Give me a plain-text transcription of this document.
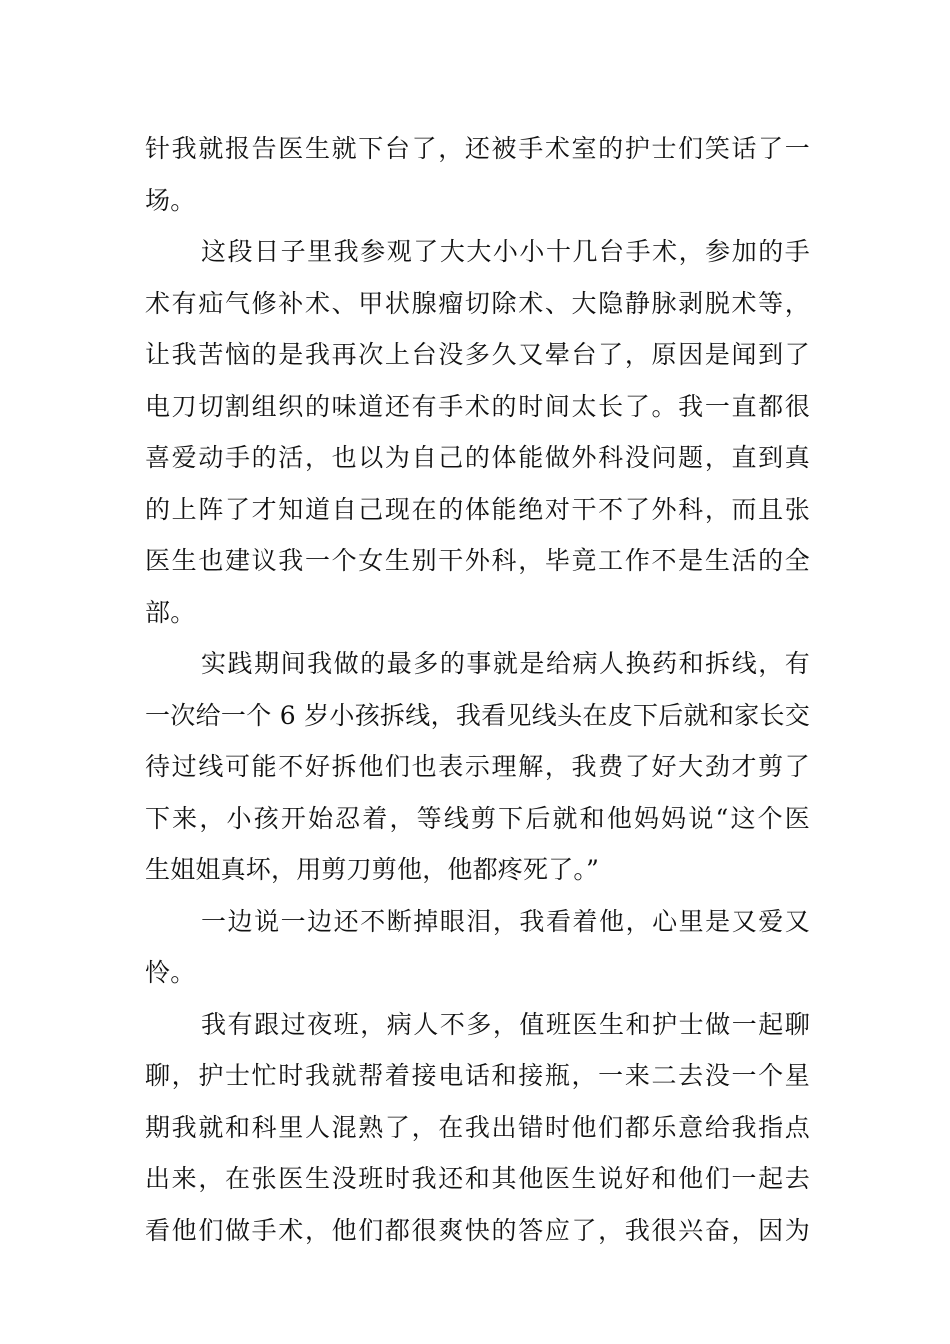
针我就报告医生就下台了，还被手术室的护士们笑话了一
场。
这段日子里我参观了大大小小十几台手术，参加的手
术有疝气修补术、甲状腺瘤切除术、大隐静脉剥脱术等，
让我苦恼的是我再次上台没多久又晕台了，原因是闻到了
电刀切割组织的味道还有手术的时间太长了。我一直都很
喜爱动手的活，也以为自己的体能做外科没问题，直到真
的上阵了才知道自己现在的体能绝对干不了外科，而且张
医生也建议我一个女生别干外科，毕竟工作不是生活的全
部。
实践期间我做的最多的事就是给病人换药和拆线，有
一次给一个 6 岁小孩拆线，我看见线头在皮下后就和家长交
待过线可能不好拆他们也表示理解，我费了好大劲才剪了
下来，小孩开始忍着，等线剪下后就和他妈妈说“这个医
生姐姐真坏，用剪刀剪他，他都疼死了。”
一边说一边还不断掉眼泪，我看着他，心里是又爱又
怜。
我有跟过夜班，病人不多，值班医生和护士做一起聊
聊，护士忙时我就帮着接电话和接瓶，一来二去没一个星
期我就和科里人混熟了，在我出错时他们都乐意给我指点
出来，在张医生没班时我还和其他医生说好和他们一起去
看他们做手术，他们都很爽快的答应了，我很兴奋，因为
